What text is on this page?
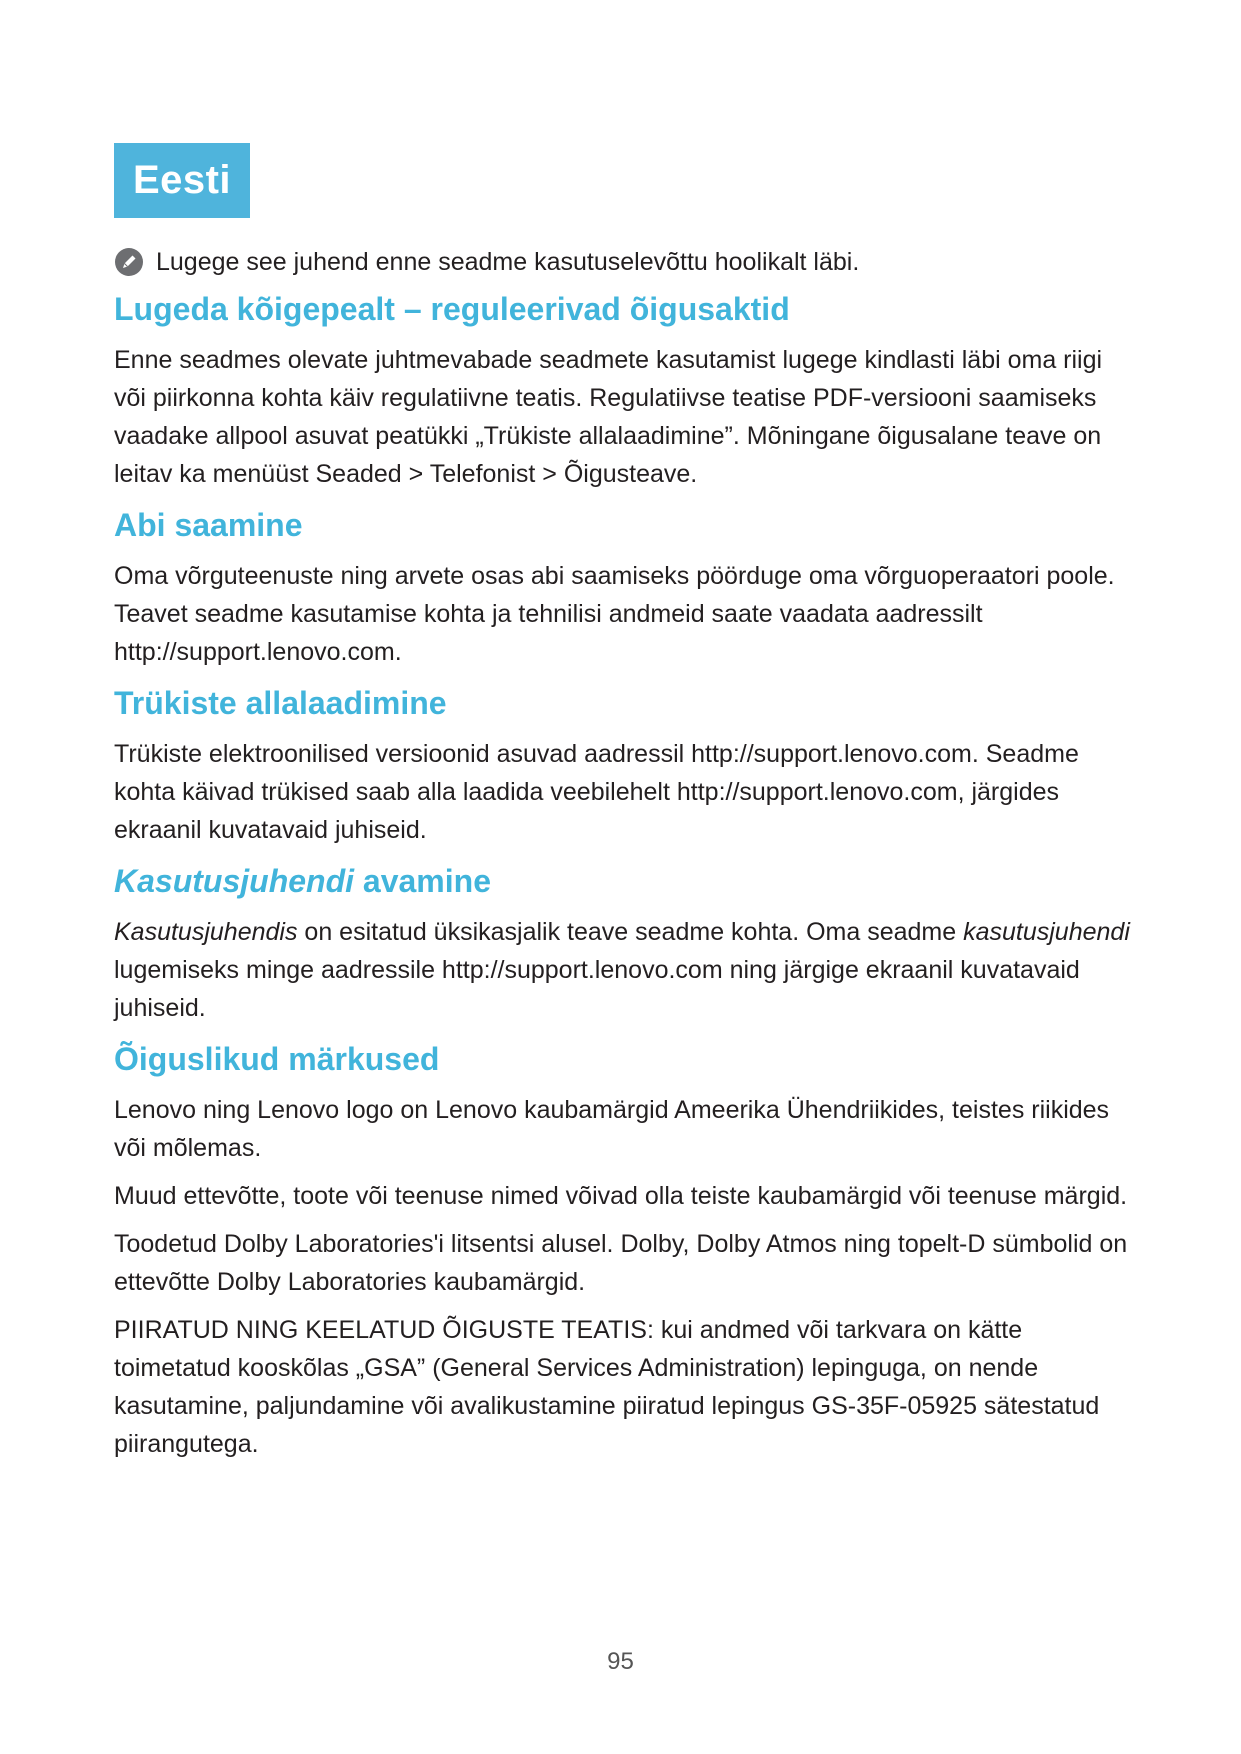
Eesti
Lugege see juhend enne seadme kasutuselevõttu hoolikalt läbi.
Lugeda kõigepealt – reguleerivad õigusaktid

Enne seadmes olevate juhtmevabade seadmete kasutamist lugege kindlasti läbi oma riigi või piirkonna kohta käiv regulatiivne teatis. Regulatiivse teatise PDF-versiooni saamiseks vaadake allpool asuvat peatükki „Trükiste allalaadimine”. Mõningane õigusalane teave on leitav ka menüüst Seaded > Telefonist > Õigusteave.

Abi saamine

Oma võrguteenuste ning arvete osas abi saamiseks pöörduge oma võrguoperaatori poole. Teavet seadme kasutamise kohta ja tehnilisi andmeid saate vaadata aadressilt http://support.lenovo.com.

Trükiste allalaadimine

Trükiste elektroonilised versioonid asuvad aadressil http://support.lenovo.com. Seadme kohta käivad trükised saab alla laadida veebilehelt http://support.lenovo.com, järgides ekraanil kuvatavaid juhiseid.

Kasutusjuhendi avamine

Kasutusjuhendis on esitatud üksikasjalik teave seadme kohta. Oma seadme kasutusjuhendi lugemiseks minge aadressile http://support.lenovo.com ning järgige ekraanil kuvatavaid juhiseid.

Õiguslikud märkused

Lenovo ning Lenovo logo on Lenovo kaubamärgid Ameerika Ühendriikides, teistes riikides või mõlemas.

Muud ettevõtte, toote või teenuse nimed võivad olla teiste kaubamärgid või teenuse märgid.

Toodetud Dolby Laboratories'i litsentsi alusel. Dolby, Dolby Atmos ning topelt-D sümbolid on ettevõtte Dolby Laboratories kaubamärgid.

PIIRATUD NING KEELATUD ÕIGUSTE TEATIS: kui andmed või tarkvara on kätte toimetatud kooskõlas „GSA” (General Services Administration) lepinguga, on nende kasutamine, paljundamine või avalikustamine piiratud lepingus GS-35F-05925 sätestatud piirangutega.

95
